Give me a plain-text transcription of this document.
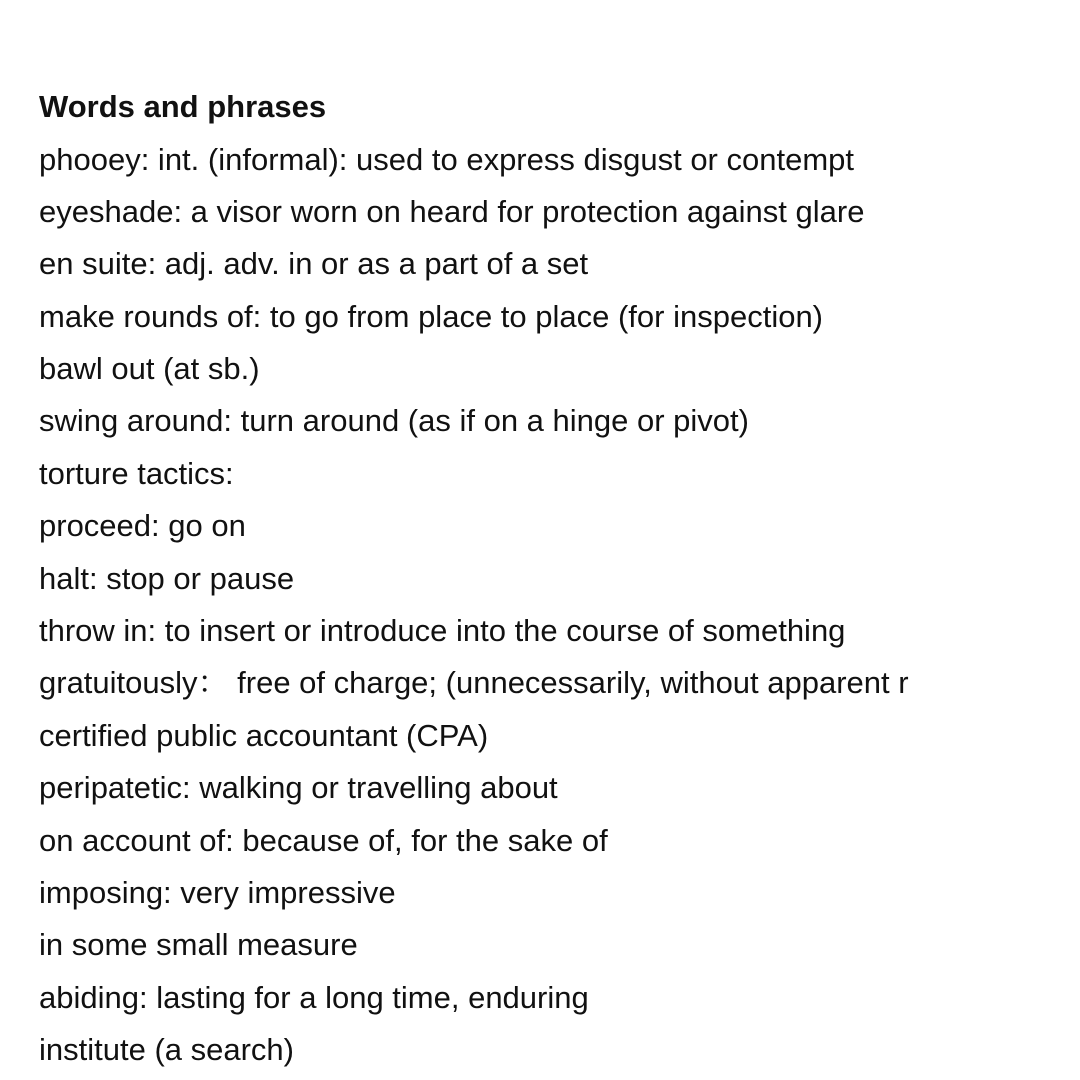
Words and phrases
phooey: int. (informal): used to express disgust or contempt
eyeshade: a visor worn on heard for protection against glare
en suite: adj. adv. in or as a part of a set
make rounds of: to go from place to place (for inspection)
bawl out (at sb.)
swing around: turn around (as if on a hinge or pivot)
torture tactics:
proceed: go on
halt: stop or pause
throw in: to insert or introduce into the course of something
gratuitously： free of charge; (unnecessarily, without apparent r
certified public accountant (CPA)
peripatetic: walking or travelling about
on account of: because of, for the sake of
imposing: very impressive
in some small measure
abiding: lasting for a long time, enduring
institute (a search)
